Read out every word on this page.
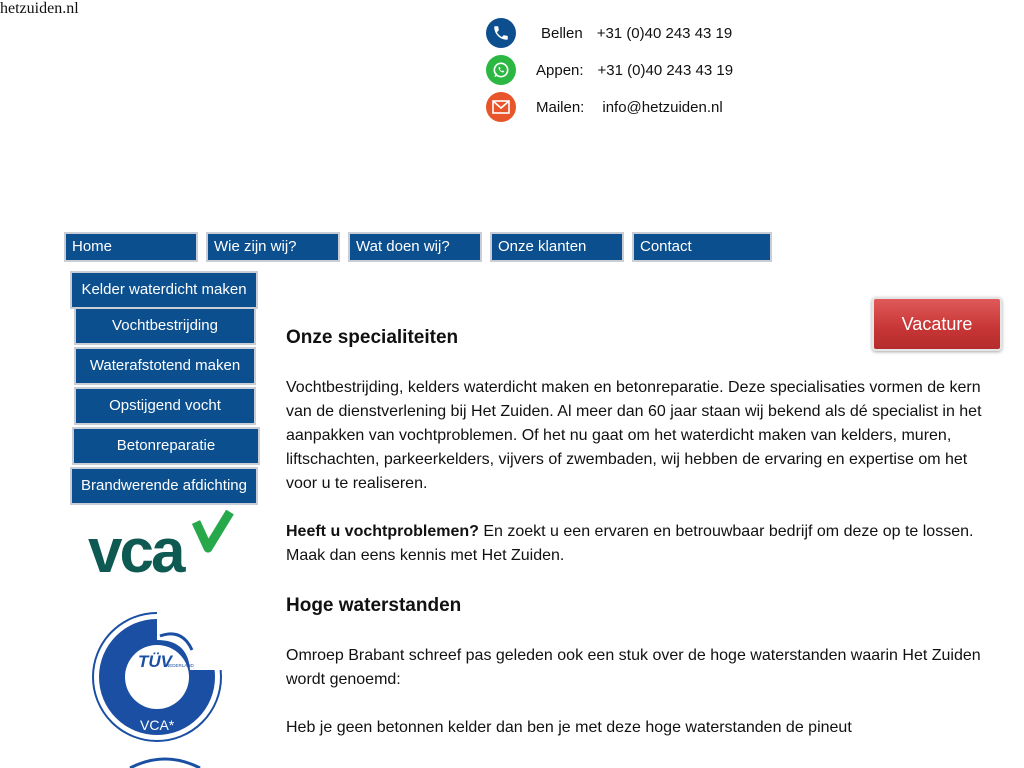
hetzuiden.nl
Bellen +31 (0)40 243 43 19
Appen: +31 (0)40 243 43 19
Mailen: info@hetzuiden.nl
Home	Wie zijn wij?	Wat doen wij?	Onze klanten	Contact
Kelder waterdicht maken
Vochtbestrijding
Waterafstotend maken
Opstijgend vocht
Betonreparatie
Brandwerende afdichting
vca
TÜV
NEDERLAND
VCA*
Vacature
Onze specialiteiten

Vochtbestrijding, kelders waterdicht maken en betonreparatie. Deze specialisaties vormen de kern van de dienstverlening bij Het Zuiden. Al meer dan 60 jaar staan wij bekend als dé specialist in het aanpakken van vochtproblemen. Of het nu gaat om het waterdicht maken van kelders, muren, liftschachten, parkeerkelders, vijvers of zwembaden, wij hebben de ervaring en expertise om het voor u te realiseren.

Heeft u vochtproblemen? En zoekt u een ervaren en betrouwbaar bedrijf om deze op te lossen. Maak dan eens kennis met Het Zuiden.

Hoge waterstanden

Omroep Brabant schreef pas geleden ook een stuk over de hoge waterstanden waarin Het Zuiden wordt genoemd:

Heb je geen betonnen kelder dan ben je met deze hoge waterstanden de pineut
